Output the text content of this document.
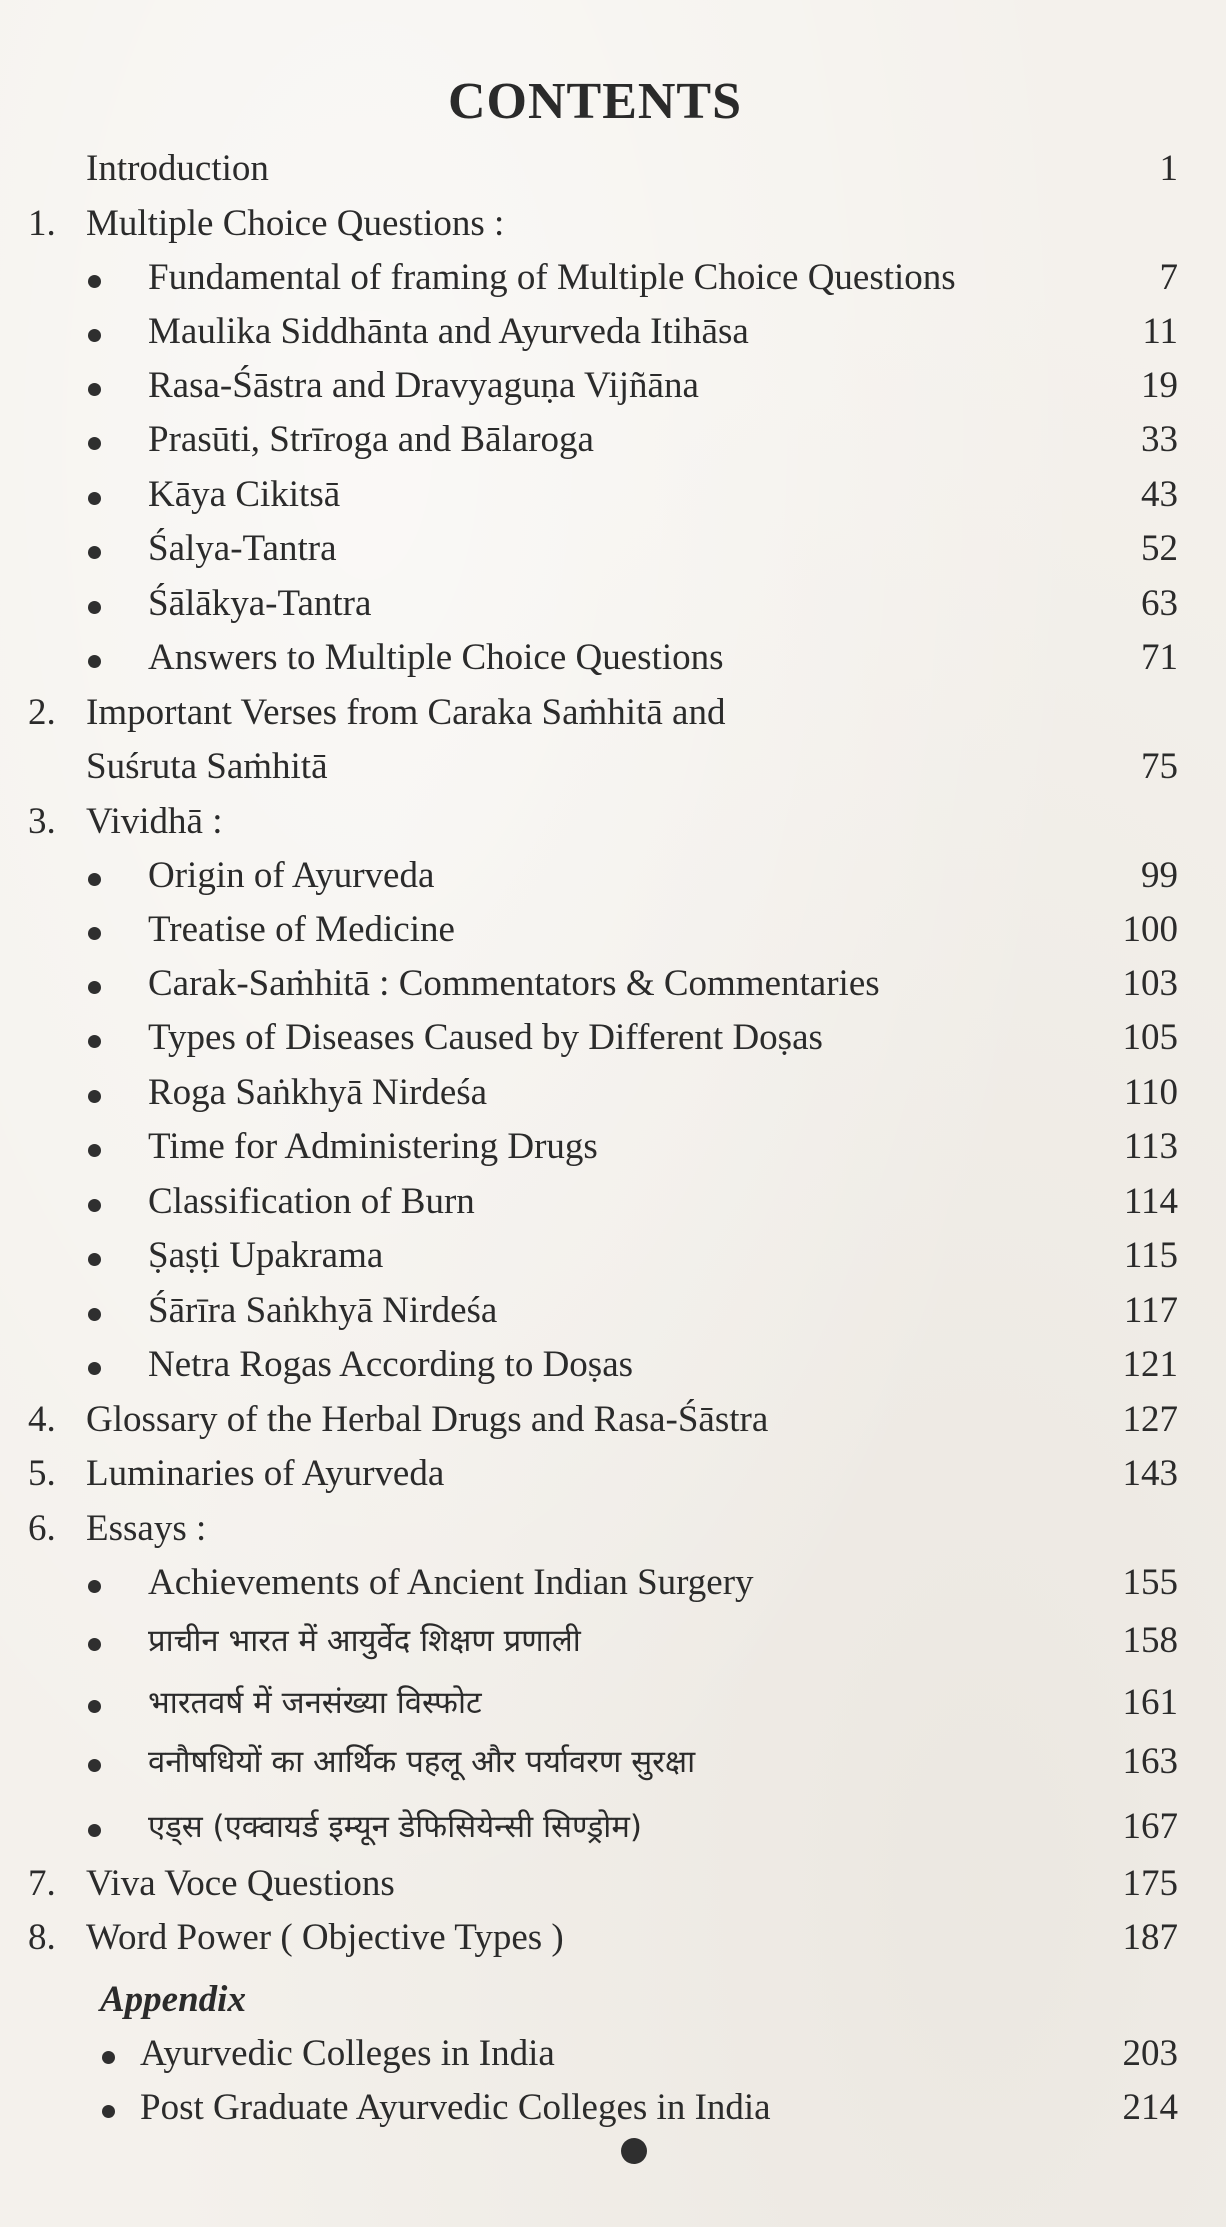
CONTENTS
Introduction	1
1. Multiple Choice Questions :
Fundamental of framing of Multiple Choice Questions	7
Maulika Siddhānta and Ayurveda Itihāsa	11
Rasa-Śāstra and Dravyaguṇa Vijñāna	19
Prasūti, Strīroga and Bālaroga	33
Kāya Cikitsā	43
Śalya-Tantra	52
Śālākya-Tantra	63
Answers to Multiple Choice Questions	71
2. Important Verses from Caraka Saṁhitā and
Suśruta Saṁhitā	75
3. Vividhā :
Origin of Ayurveda	99
Treatise of Medicine	100
Carak-Saṁhitā : Commentators & Commentaries	103
Types of Diseases Caused by Different Doṣas	105
Roga Saṅkhyā Nirdeśa	110
Time for Administering Drugs	113
Classification of Burn	114
Ṣaṣṭi Upakrama	115
Śārīra Saṅkhyā Nirdeśa	117
Netra Rogas According to Doṣas	121
4. Glossary of the Herbal Drugs and Rasa-Śāstra	127
5. Luminaries of Ayurveda	143
6. Essays :
Achievements of Ancient Indian Surgery	155
प्राचीन भारत में आयुर्वेद शिक्षण प्रणाली	158
भारतवर्ष में जनसंख्या विस्फोट	161
वनौषधियों का आर्थिक पहलू और पर्यावरण सुरक्षा	163
एड्स (एक्वायर्ड इम्यून डेफिसियेन्सी सिण्ड्रोम)	167
7. Viva Voce Questions	175
8. Word Power ( Objective Types )	187
Appendix
Ayurvedic Colleges in India	203
Post Graduate Ayurvedic Colleges in India	214
